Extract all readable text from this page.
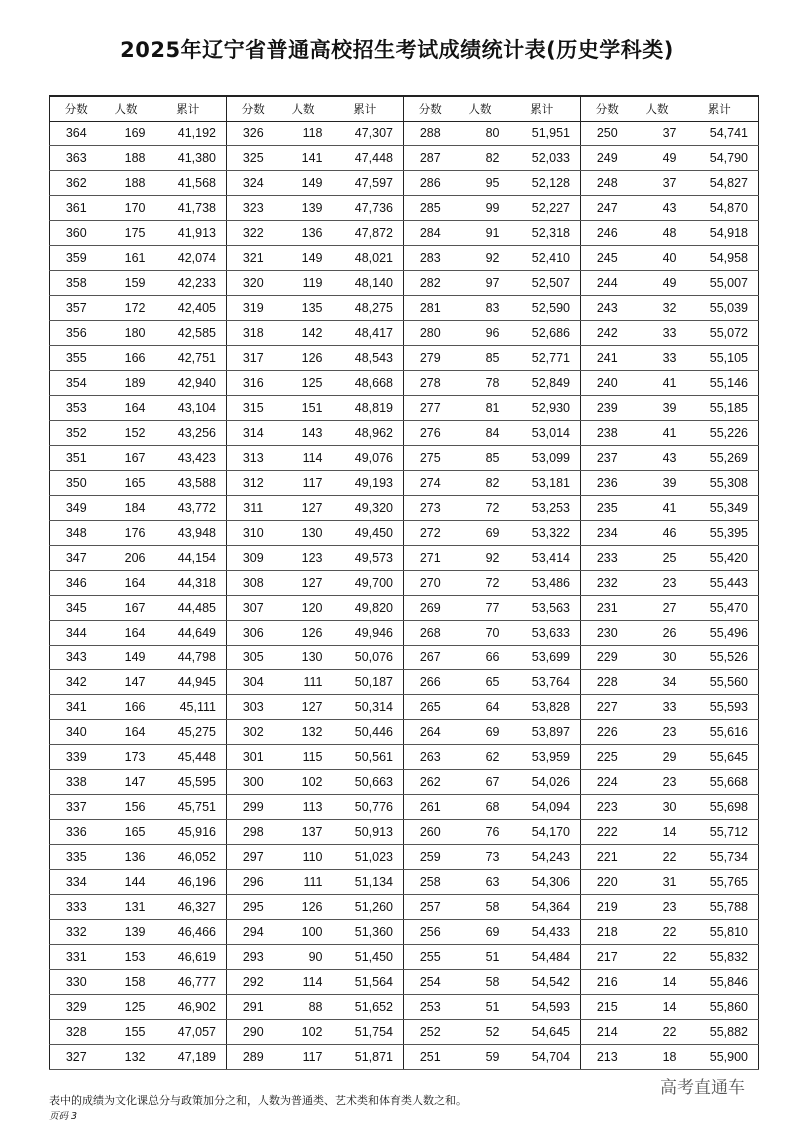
2025年辽宁省普通高校招生考试成绩统计表(历史学科类)
分数	人数	累计	分数	人数	累计	分数	人数	累计	分数	人数	累计
364	169	41,192	326	118	47,307	288	80	51,951	250	37	54,741
363	188	41,380	325	141	47,448	287	82	52,033	249	49	54,790
362	188	41,568	324	149	47,597	286	95	52,128	248	37	54,827
361	170	41,738	323	139	47,736	285	99	52,227	247	43	54,870
360	175	41,913	322	136	47,872	284	91	52,318	246	48	54,918
359	161	42,074	321	149	48,021	283	92	52,410	245	40	54,958
358	159	42,233	320	119	48,140	282	97	52,507	244	49	55,007
357	172	42,405	319	135	48,275	281	83	52,590	243	32	55,039
356	180	42,585	318	142	48,417	280	96	52,686	242	33	55,072
355	166	42,751	317	126	48,543	279	85	52,771	241	33	55,105
354	189	42,940	316	125	48,668	278	78	52,849	240	41	55,146
353	164	43,104	315	151	48,819	277	81	52,930	239	39	55,185
352	152	43,256	314	143	48,962	276	84	53,014	238	41	55,226
351	167	43,423	313	114	49,076	275	85	53,099	237	43	55,269
350	165	43,588	312	117	49,193	274	82	53,181	236	39	55,308
349	184	43,772	311	127	49,320	273	72	53,253	235	41	55,349
348	176	43,948	310	130	49,450	272	69	53,322	234	46	55,395
347	206	44,154	309	123	49,573	271	92	53,414	233	25	55,420
346	164	44,318	308	127	49,700	270	72	53,486	232	23	55,443
345	167	44,485	307	120	49,820	269	77	53,563	231	27	55,470
344	164	44,649	306	126	49,946	268	70	53,633	230	26	55,496
343	149	44,798	305	130	50,076	267	66	53,699	229	30	55,526
342	147	44,945	304	111	50,187	266	65	53,764	228	34	55,560
341	166	45,111	303	127	50,314	265	64	53,828	227	33	55,593
340	164	45,275	302	132	50,446	264	69	53,897	226	23	55,616
339	173	45,448	301	115	50,561	263	62	53,959	225	29	55,645
338	147	45,595	300	102	50,663	262	67	54,026	224	23	55,668
337	156	45,751	299	113	50,776	261	68	54,094	223	30	55,698
336	165	45,916	298	137	50,913	260	76	54,170	222	14	55,712
335	136	46,052	297	110	51,023	259	73	54,243	221	22	55,734
334	144	46,196	296	111	51,134	258	63	54,306	220	31	55,765
333	131	46,327	295	126	51,260	257	58	54,364	219	23	55,788
332	139	46,466	294	100	51,360	256	69	54,433	218	22	55,810
331	153	46,619	293	90	51,450	255	51	54,484	217	22	55,832
330	158	46,777	292	114	51,564	254	58	54,542	216	14	55,846
329	125	46,902	291	88	51,652	253	51	54,593	215	14	55,860
328	155	47,057	290	102	51,754	252	52	54,645	214	22	55,882
327	132	47,189	289	117	51,871	251	59	54,704	213	18	55,900
表中的成绩为文化课总分与政策加分之和，人数为普通类、艺术类和体育类人数之和。
页码 3
高考直通车
